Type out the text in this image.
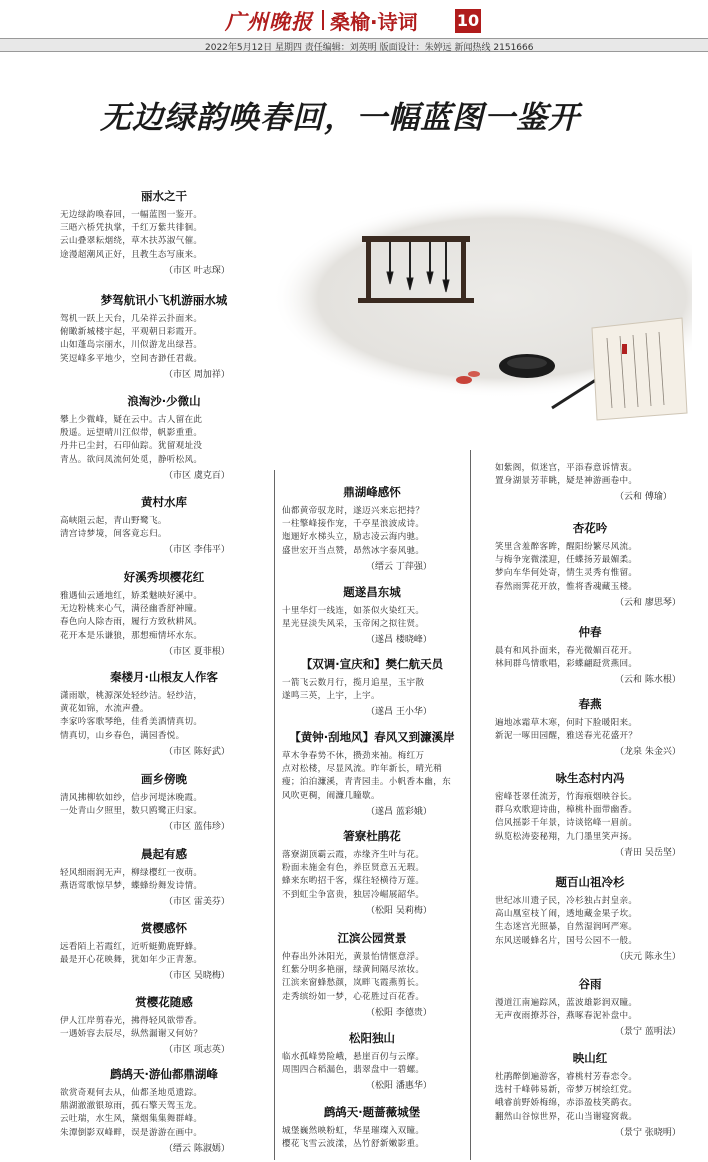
广州晚报 桑榆·诗词 10
2022年5月12日 星期四 责任编辑：刘英明 版面设计：朱婷远 新闻热线 2151666
无边绿韵唤春回，一幅蓝图一鉴开
丽水之干

无边绿韵唤春回，一幅蓝图一鉴开。

三晤六桥凭执掌，千红万紫共徘徊。

云山叠翠耘烟绕，草木扶苏淑气催。

途漫超潮风正好，且教生态写康来。

（市区 叶志琛）
梦驾航讯小飞机游丽水城

驾机一跃上天台，几朵祥云扑面来。

俯瞰新城楼宇起，平观朝日彩霞开。

山如蓬岛宗丽水，川似游龙出绿苔。

笑逗峰多平地少，空间杏渺任君裁。

（市区 周加祥）
浪淘沙·少微山

攀上少微峰，疑在云中。古人留在此

殷遥。远望晴川江似带，帆影重重。

丹井已尘封，石印仙踪。犹留观址没

青丛。欲问凤流何处觅，静听松风。

（市区 虞克百）
黄村水库

高峡阻云起，青山野鹭飞。

清宫诗梦境，间客竟忘归。

（市区 李伟平）
好溪秀坝樱花红

雅遇仙云通地红，娇柔魅映好溪中。

无边粉桃来心气，满径幽香舒神曈。

春色向人除杏雨，履行方致秋耕风。

花开本是乐谦狼，那想痴情坏水东。

（市区 夏菲根）
秦楼月·山根友人作客

潇雨歇，桃源深处轻纱洁。轻纱洁，

黄花如锦，水流声叠。

李家吟客歌琴绝，佳肴美酒情真切。

情真切，山乡春色，满园香悦。

（市区 陈好武）
画乡傍晚

清风拂柳软如纱，信步河堤沐晚霞。

一处青山夕照里，数只鸥鹭正归家。

（市区 蓝伟珍）
晨起有感

轻风细雨润无声，柳绿樱红一夜萌。

燕语莺歌惊早梦，蝶蜂纷舞发诗情。

（市区 雷美芬）
赏樱感怀

远看陌上若霞红，近听蜓勤鹿野蜂。

最是开心花映舞，犹如年少正青葱。

（市区 吴晓梅）
赏樱花随感

伊人江岸剪春光，拂得轻风欲带香。

一遇娇容去辰尽，纵然漏谢又何妨？

（市区 项志英）
鹧鸪天·游仙都鼎湖峰

欲赏奇观何去从，仙都圣地觅遗踪。

鼎湖澈澈银琼雨，孤石擎天驾玉龙。

云吐瑞，水生风，黛烟集集舞群峰。

朱潭倒影双峰畔，误是游游在画中。

（缙云 陈淑嫣）
鼎湖峰感怀

仙都黄帝驭龙时，遂迈兴来忘把持？

一柱擎峰接作宠，千亭星浪波成诗。

迤逦好水梯头立，励志凌云海内驰。

盛世宏开当点赞，昂然冰字泰风驰。

（缙云 丁萍强）
题遂昌东城

十里华灯一线连，如茶似火染红天。

星光昼淡失风采，玉帝闲之拟往贤。

（遂昌 楼晓峰）
【双调·宣庆和】樊仁航天员

一箭飞云数月行，揽月追星，玉宇散

遂鸣三英，上宇，上宇。

（遂昌 王小华）
【黄钟·刮地风】春风又到濂溪岸

草木争春势不休，攒劲来袖。梅红万

点对松楼，尽显风流。昨年新长，晴光稍

瘦；泊泊濂溪，青青园圭。小帆香本幽，东

风吹更稠，闹濂几瞳歇。

（遂昌 蓝彩娥）
箸寮杜鹃花

落寮湖顶霸云霞，赤缘齐生叶与花。

粉面未施金有色，养臣贤意五无瑕。

蜂来东哟招千客，煤往轻横待万莲。

不到虹尘争富贵，独居冷崛展韶华。

（松阳 吴莉梅）
江滨公园赏景

仲春出外沐阳光，黄景怡情惬意浮。

红紫分明多艳丽，绿黄间隔尽浓妆。

江滨来窗蜂愁颜，岚畔飞霞燕剪长。

走秀缤纷如一梦，心花胜过百花香。

（松阳 李德贵）
松阳独山

临水孤峰势险峨，悬崖百仞与云摩。

周围四合稻漏色，翡翠盘中一碧螺。

（松阳 潘惠华）
鹧鸪天·题蔷薇城堡

城堡巍然映粉虹，华星璀璨入双瞳。

樱花飞雪云波漾，丛竹舒新嫩影重。

如紫阁，似迷宫，平添春意诉情衷。

置身湖景芳菲眺，疑是神游画卷中。

（云和 傅瑜）
杏花吟

笑里含羞醉客眸，醒阳纷繁尽风流。

与梅争宠微漾迎，任蝶扬芳最媚柔。

梦向车华何处寄，情生灵秀有惟留。

春然雨霁花开放，惟将香魂藏玉楼。

（云和 廖思琴）
仲春

晨有和风扑面来，春光微媚百花开。

林间群鸟情歌唱，彩蝶翩跹赏燕回。

（云和 陈水根）
春燕

遍地冰霜草木寒，何时下脸暖阳来。

新泥一啄田园醒，雅送春光花盛开？

（龙泉 朱金兴）
咏生态村内冯

密峰苍翠任流芳，竹海痕烟映谷长。

群乌欢歌迎诗曲，樟桃朴面带幽香。

信风摇影千年景，诗谈铭峰一眉前。

纵览松涛姿秘翔，九门墨里笑声扬。

（青田 吴岳坚）
题百山祖冷杉

世纪冰川遗子民，冷杉独占封皇亲。

高山凰室枝丫闹，透地藏金果子坎。

生态迷宫光照暴，自然湿润呵严寒。

东风送暖蜂名片，国号公园不一般。

（庆元 陈永生）
谷雨

漫道江南遍踪风，蓝波雄影润双瞳。

无声夜雨撩苏谷，燕啄春泥补盘中。

（景宁 蓝明法）
映山红

杜鹃醉倒遍游客，睿桃村芳春恋令。

选村千峰韩易新，帝梦万树绘红党。

峨睿前野娇梅绵，赤添盈枝笑鹞衣。

翻然山谷惊世界，花山当谢寝窝裁。

（景宁 张晓明）
